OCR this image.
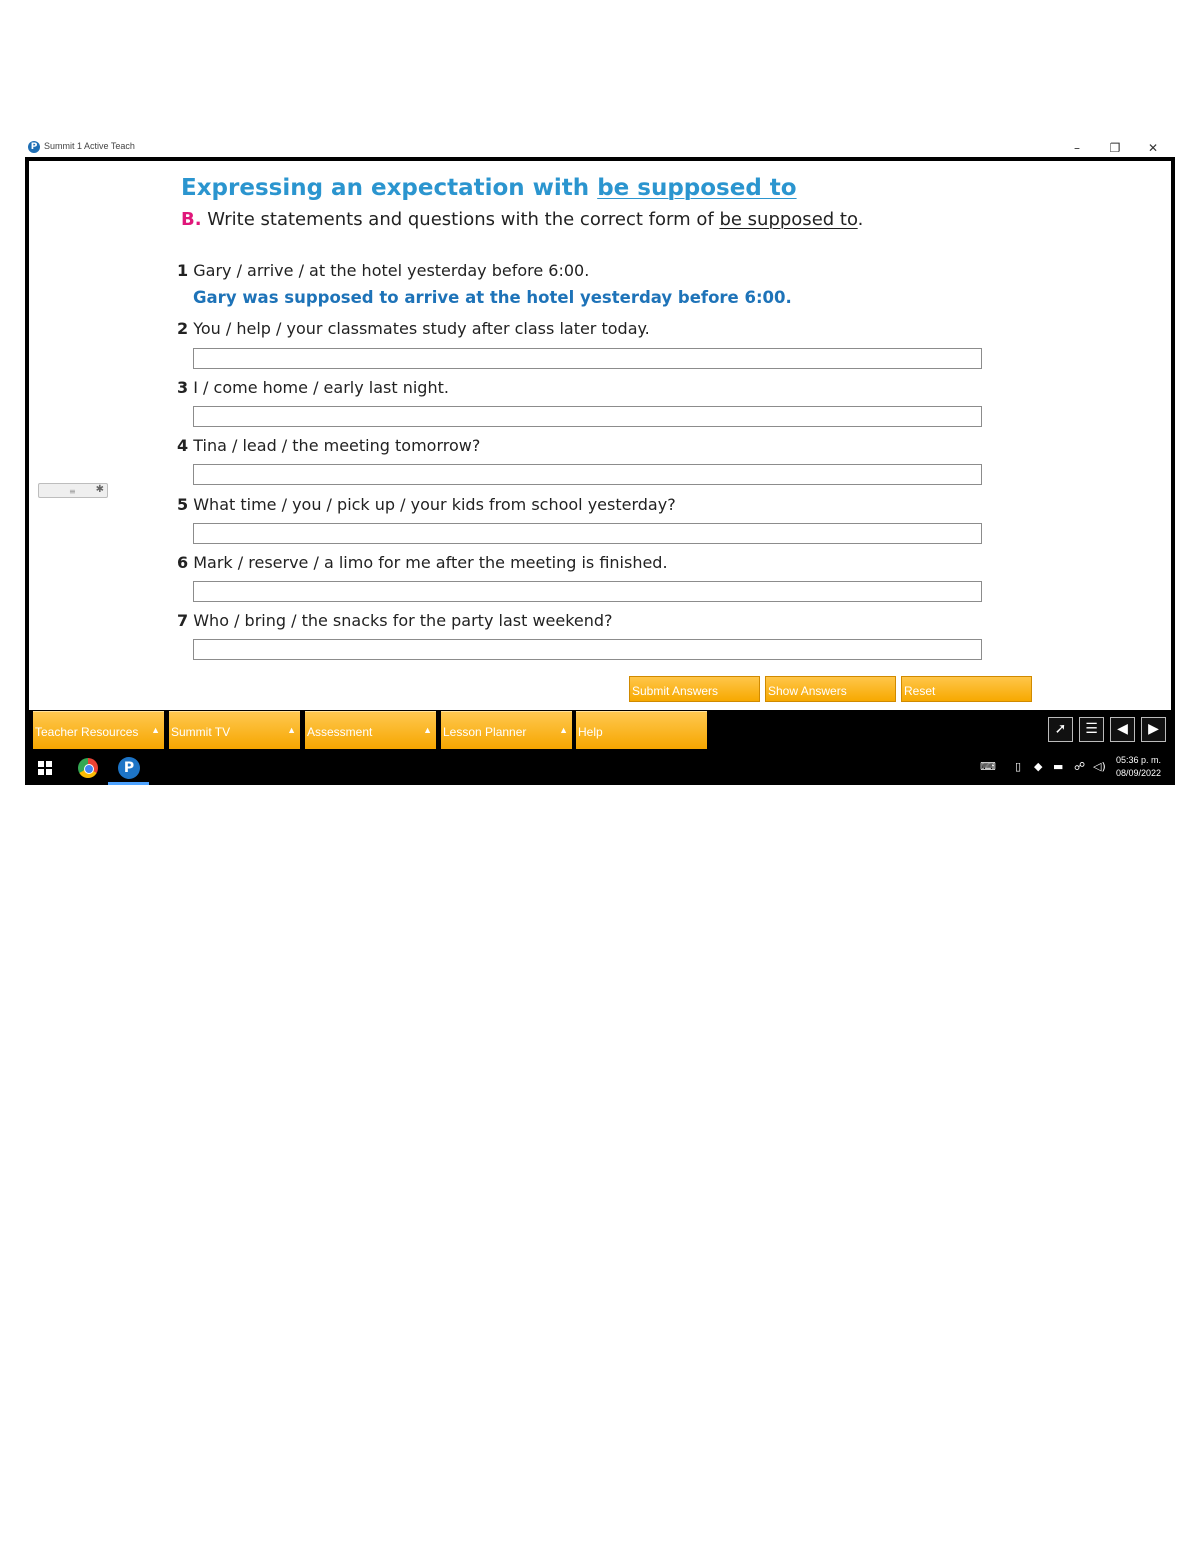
P Summit 1 Active Teach	–	❐	✕
Expressing an expectation with be supposed to
B. Write statements and questions with the correct form of be supposed to.
1 Gary / arrive / at the hotel yesterday before 6:00.
Gary was supposed to arrive at the hotel yesterday before 6:00.
2 You / help / your classmates study after class later today.
3 I / come home / early last night.
4 Tina / lead / the meeting tomorrow?
5 What time / you / pick up / your kids from school yesterday?
6 Mark / reserve / a limo for me after the meeting is finished.
7 Who / bring / the snacks for the party last weekend?
≡ ✱
Submit Answers	Show Answers	Reset
Teacher Resources ▲ Summit TV	▲ Assessment	▲ Lesson Planner	▲ Help	➚	☰	◀	▶
P	⌨ ▯ ◆ ▬ ☍ ◁) 05:36 p. m.
08/09/2022
